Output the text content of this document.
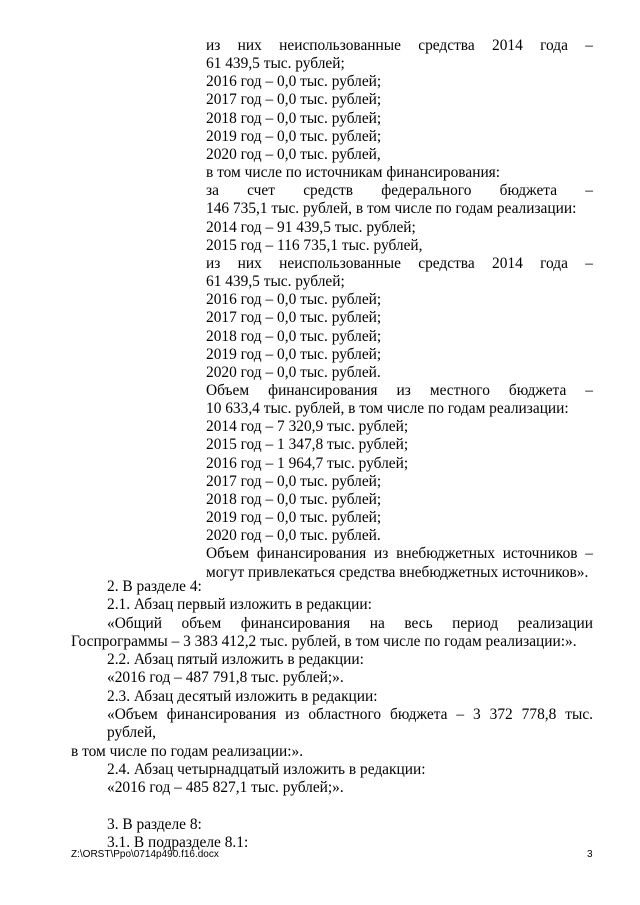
из них неиспользованные средства 2014 года –
61 439,5 тыс. рублей;
2016 год – 0,0 тыс. рублей;
2017 год – 0,0 тыс. рублей;
2018 год – 0,0 тыс. рублей;
2019 год – 0,0 тыс. рублей;
2020 год – 0,0 тыс. рублей,
в том числе по источникам финансирования:
за счет средств федерального бюджета –
146 735,1 тыс. рублей, в том числе по годам реализации:
2014 год – 91 439,5 тыс. рублей;
2015 год – 116 735,1 тыс. рублей,
из них неиспользованные средства 2014 года –
61 439,5 тыс. рублей;
2016 год – 0,0 тыс. рублей;
2017 год – 0,0 тыс. рублей;
2018 год – 0,0 тыс. рублей;
2019 год – 0,0 тыс. рублей;
2020 год – 0,0 тыс. рублей.
Объем финансирования из местного бюджета –
10 633,4 тыс. рублей, в том числе по годам реализации:
2014 год – 7 320,9 тыс. рублей;
2015 год – 1 347,8 тыс. рублей;
2016 год – 1 964,7 тыс. рублей;
2017 год – 0,0 тыс. рублей;
2018 год – 0,0 тыс. рублей;
2019 год – 0,0 тыс. рублей;
2020 год – 0,0 тыс. рублей.
Объем финансирования из внебюджетных источников –
могут привлекаться средства внебюджетных источников».
2. В разделе 4:
2.1. Абзац первый изложить в редакции:
«Общий объем финансирования на весь период реализации
Госпрограммы – 3 383 412,2 тыс. рублей, в том числе по годам реализации:».
2.2. Абзац пятый изложить в редакции:
«2016 год – 487 791,8 тыс. рублей;».
2.3. Абзац десятый изложить в редакции:
«Объем финансирования из областного бюджета – 3 372 778,8 тыс. рублей,
в том числе по годам реализации:».
2.4. Абзац четырнадцатый изложить в редакции:
«2016 год – 485 827,1 тыс. рублей;».
3. В разделе 8:
3.1. В подразделе 8.1:
Z:\ORST\Ppo\0714p490.f16.docx	3
